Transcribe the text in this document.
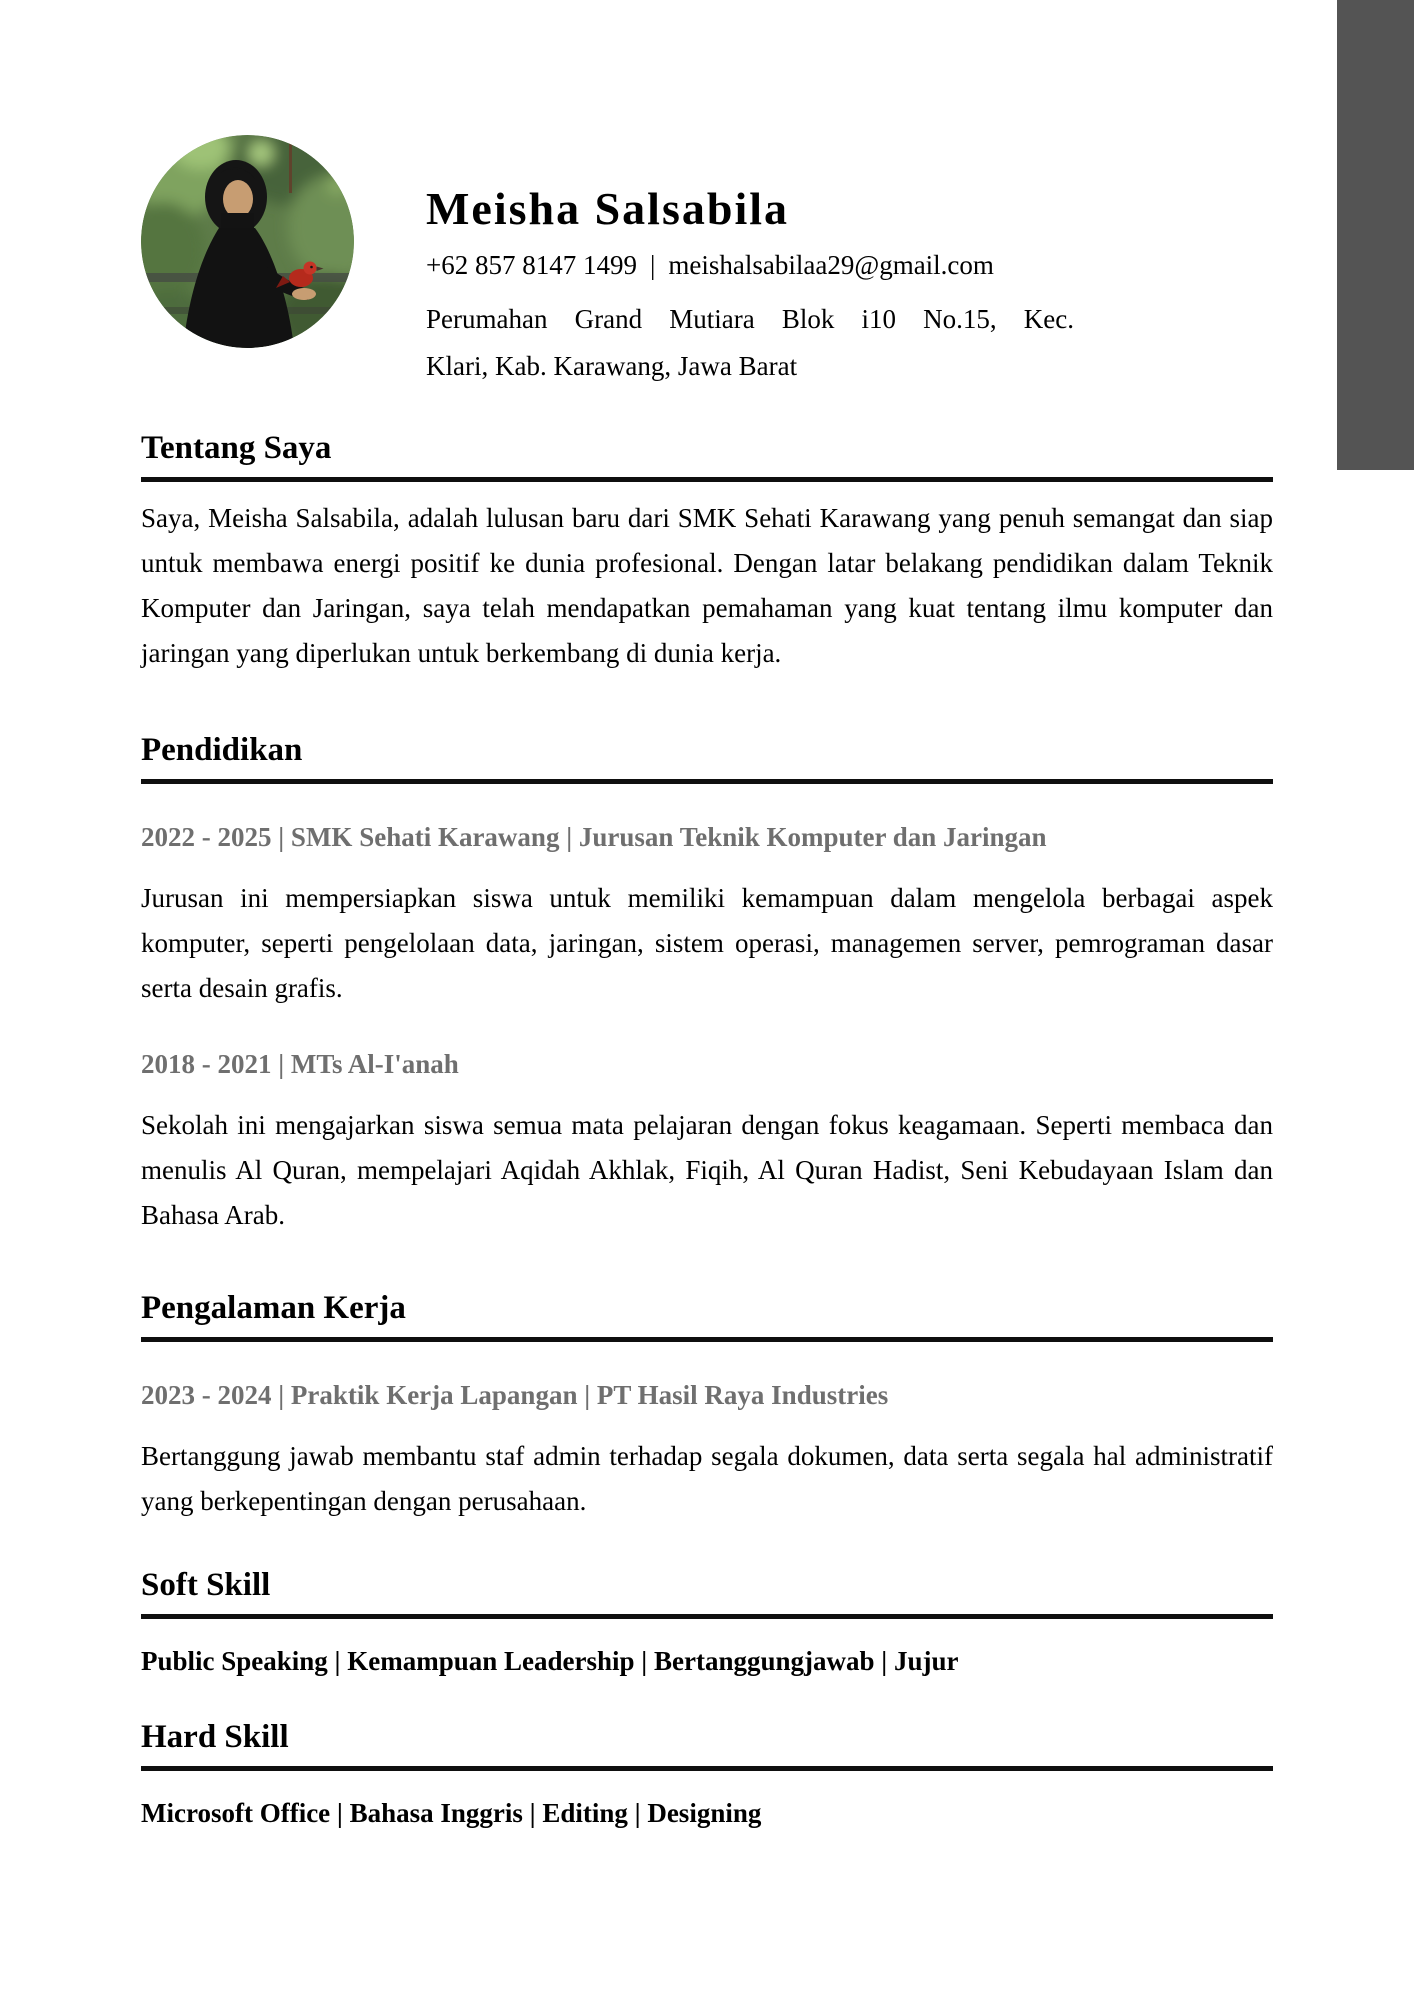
Meisha Salsabila
+62 857 8147 1499 | meishalsabilaa29@gmail.com
Perumahan Grand Mutiara Blok i10 No.15, Kec.
Klari, Kab. Karawang, Jawa Barat
Tentang Saya

Saya, Meisha Salsabila, adalah lulusan baru dari SMK Sehati Karawang yang penuh semangat dan siap untuk membawa energi positif ke dunia profesional. Dengan latar belakang pendidikan dalam Teknik Komputer dan Jaringan, saya telah mendapatkan pemahaman yang kuat tentang ilmu komputer dan jaringan yang diperlukan untuk berkembang di dunia kerja.

Pendidikan
2022 - 2025 | SMK Sehati Karawang | Jurusan Teknik Komputer dan Jaringan

Jurusan ini mempersiapkan siswa untuk memiliki kemampuan dalam mengelola berbagai aspek komputer, seperti pengelolaan data, jaringan, sistem operasi, managemen server, pemrograman dasar serta desain grafis.

2018 - 2021 | MTs Al-I'anah

Sekolah ini mengajarkan siswa semua mata pelajaran dengan fokus keagamaan. Seperti membaca dan menulis Al Quran, mempelajari Aqidah Akhlak, Fiqih, Al Quran Hadist, Seni Kebudayaan Islam dan Bahasa Arab.

Pengalaman Kerja
2023 - 2024 | Praktik Kerja Lapangan | PT Hasil Raya Industries

Bertanggung jawab membantu staf admin terhadap segala dokumen, data serta segala hal administratif yang berkepentingan dengan perusahaan.

Soft Skill

Public Speaking | Kemampuan Leadership | Bertanggungjawab | Jujur

Hard Skill

Microsoft Office | Bahasa Inggris | Editing | Designing
